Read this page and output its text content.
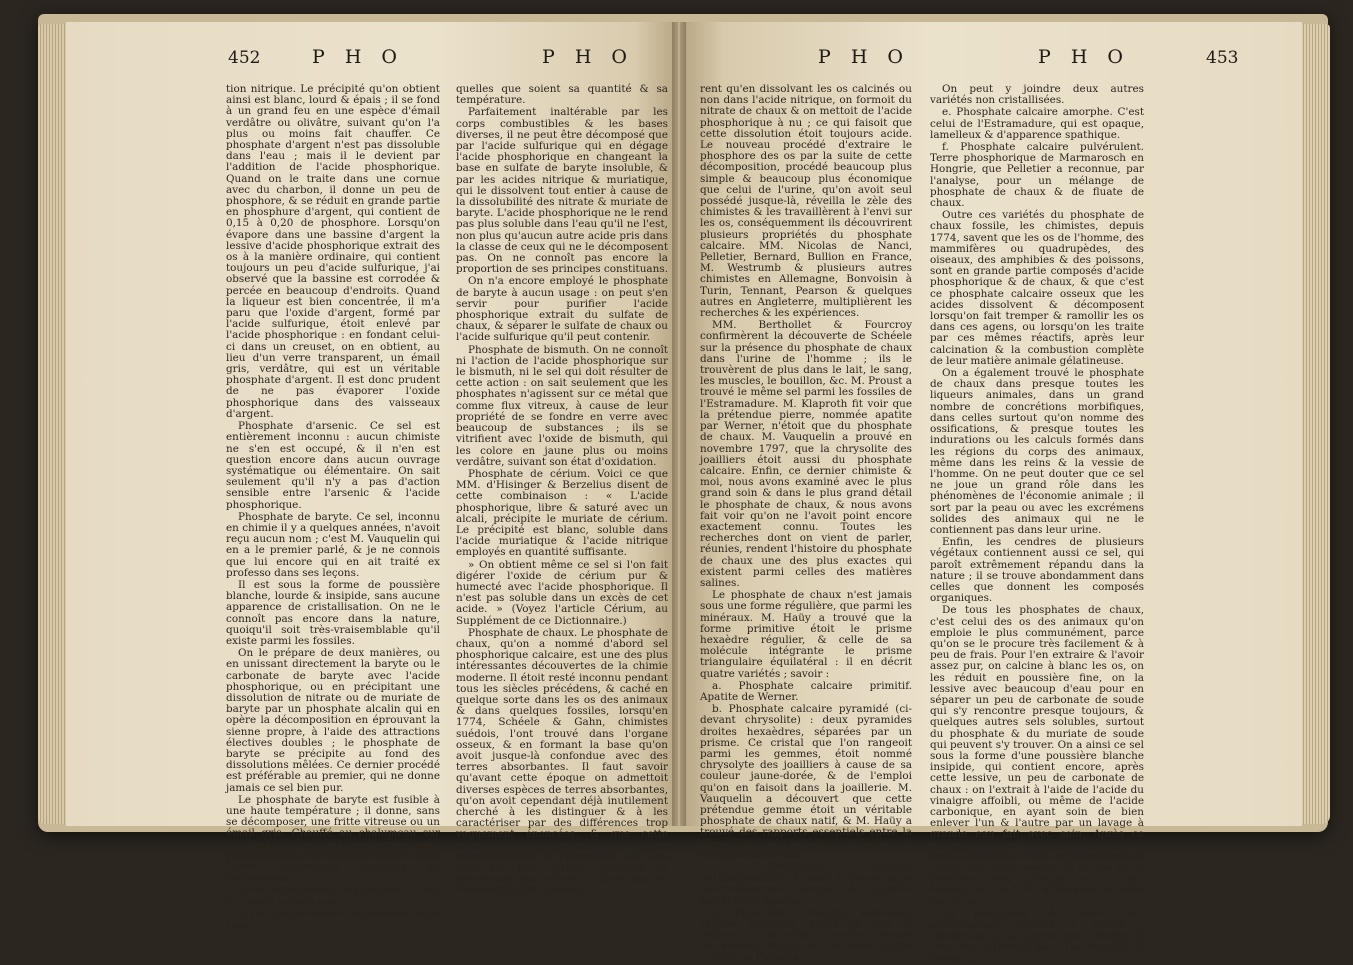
452	P H O	P H O	P H O	P H O	453

tion nitrique. Le précipité qu'on obtient ainsi est blanc, lourd & épais ; il se fond à un grand feu en une espèce d'émail verdâtre ou olivâtre, suivant qu'on l'a plus ou moins fait chauffer. Ce phosphate d'argent n'est pas dissoluble dans l'eau ; mais il le devient par l'addition de l'acide phosphorique. Quand on le traite dans une cornue avec du charbon, il donne un peu de phosphore, & se réduit en grande partie en phosphure d'argent, qui contient de 0,15 à 0,20 de phosphore. Lorsqu'on évapore dans une bassine d'argent la lessive d'acide phosphorique extrait des os à la manière ordinaire, qui contient toujours un peu d'acide sulfurique, j'ai observé que la bassine est corrodée & percée en beaucoup d'endroits. Quand la liqueur est bien concentrée, il m'a paru que l'oxide d'argent, formé par l'acide sulfurique, étoit enlevé par l'acide phosphorique : en fondant celui-ci dans un creuset, on en obtient, au lieu d'un verre transparent, un émail gris, verdâtre, qui est un véritable phosphate d'argent. Il est donc prudent de ne pas évaporer l'oxide phosphorique dans des vaisseaux d'argent.

Phosphate d'arsenic. Ce sel est entièrement inconnu : aucun chimiste ne s'en est occupé, & il n'en est question encore dans aucun ouvrage systématique ou élémentaire. On sait seulement qu'il n'y a pas d'action sensible entre l'arsenic & l'acide phosphorique.

Phosphate de baryte. Ce sel, inconnu en chimie il y a quelques années, n'avoit reçu aucun nom ; c'est M. Vauquelin qui en a le premier parlé, & je ne connois que lui encore qui en ait traité ex professo dans ses leçons.

Il est sous la forme de poussière blanche, lourde & insipide, sans aucune apparence de cristallisation. On ne le connoît pas encore dans la nature, quoiqu'il soit très-vraisemblable qu'il existe parmi les fossiles.

On le prépare de deux manières, ou en unissant directement la baryte ou le carbonate de baryte avec l'acide phosphorique, ou en précipitant une dissolution de nitrate ou de muriate de baryte par un phosphate alcalin qui en opère la décomposition en éprouvant la sienne propre, à l'aide des attractions électives doubles ; le phosphate de baryte se précipite au fond des dissolutions mêlées. Ce dernier procédé est préférable au premier, qui ne donne jamais ce sel bien pur.

Le phosphate de baryte est fusible à une haute température ; il donne, sans se décomposer, une fritte vitreuse ou un émail gris. Chauffé au chalumeau sur du charbon, il répand une flamme jaune phosphorique. Les globules vitreux qu'il forme, deviennent opaques en refroidissant.

Il est entièrement inaltérable à l'air, & y reste pulvérulent.

Il est complétement indissoluble dans l'eau,

quelles que soient sa quantité & sa température.

Parfaitement inaltérable par les corps combustibles & les bases diverses, il ne peut être décomposé que par l'acide sulfurique qui en dégage l'acide phosphorique en changeant la base en sulfate de baryte insoluble, & par les acides nitrique & muriatique, qui le dissolvent tout entier à cause de la dissolubilité des nitrate & muriate de baryte. L'acide phosphorique ne le rend pas plus soluble dans l'eau qu'il ne l'est, non plus qu'aucun autre acide pris dans la classe de ceux qui ne le décomposent pas. On ne connoît pas encore la proportion de ses principes constituans.

On n'a encore employé le phosphate de baryte à aucun usage : on peut s'en servir pour purifier l'acide phosphorique extrait du sulfate de chaux, & séparer le sulfate de chaux ou l'acide sulfurique qu'il peut contenir.

Phosphate de bismuth. On ne connoît ni l'action de l'acide phosphorique sur le bismuth, ni le sel qui doit résulter de cette action : on sait seulement que les phosphates n'agissent sur ce métal que comme flux vitreux, à cause de leur propriété de se fondre en verre avec beaucoup de substances ; ils se vitrifient avec l'oxide de bismuth, qui les colore en jaune plus ou moins verdâtre, suivant son état d'oxidation.

Phosphate de cérium. Voici ce que MM. d'Hisinger & Berzelius disent de cette combinaison : « L'acide phosphorique, libre & saturé avec un alcali, précipite le muriate de cérium. Le précipité est blanc, soluble dans l'acide muriatique & l'acide nitrique employés en quantité suffisante.

» On obtient même ce sel si l'on fait digérer l'oxide de cérium pur & humecté avec l'acide phosphorique. Il n'est pas soluble dans un excès de cet acide. » (Voyez l'article Cérium, au Supplément de ce Dictionnaire.)

Phosphate de chaux. Le phosphate de chaux, qu'on a nommé d'abord sel phosphorique calcaire, est une des plus intéressantes découvertes de la chimie moderne. Il étoit resté inconnu pendant tous les siècles précédens, & caché en quelque sorte dans les os des animaux & dans quelques fossiles, lorsqu'en 1774, Schéele & Gahn, chimistes suédois, l'ont trouvé dans l'organe osseux, & en formant la base qu'on avoit jusque-là confondue avec des terres absorbantes. Il faut savoir qu'avant cette époque on admettoit diverses espèces de terres absorbantes, qu'on avoit cependant déjà inutilement cherché à les distinguer & à les caractériser par des différences trop vaguement énoncées, & que cette fausse dénomination tenoit manifestement à l'ignorance où l'on étoit sur leur nature comparée, & notamment sur celle de la terre des os. Schéele & Gahn prouvè-

rent qu'en dissolvant les os calcinés ou non dans l'acide nitrique, on formoit du nitrate de chaux & on mettoit de l'acide phosphorique à nu ; ce qui faisoit que cette dissolution étoit toujours acide. Le nouveau procédé d'extraire le phosphore des os par la suite de cette décomposition, procédé beaucoup plus simple & beaucoup plus économique que celui de l'urine, qu'on avoit seul possédé jusque-là, réveilla le zèle des chimistes & les travaillèrent à l'envi sur les os, conséquemment ils découvrirent plusieurs propriétés du phosphate calcaire. MM. Nicolas de Nanci, Pelletier, Bernard, Bullion en France, M. Westrumb & plusieurs autres chimistes en Allemagne, Bonvoisin à Turin, Tennant, Pearson & quelques autres en Angleterre, multiplièrent les recherches & les expériences.

MM. Berthollet & Fourcroy confirmèrent la découverte de Schéele sur la présence du phosphate de chaux dans l'urine de l'homme ; ils le trouvèrent de plus dans le lait, le sang, les muscles, le bouillon, &c. M. Proust a trouvé le même sel parmi les fossiles de l'Estramadure. M. Klaproth fit voir que la prétendue pierre, nommée apatite par Werner, n'étoit que du phosphate de chaux. M. Vauquelin a prouvé en novembre 1797, que la chrysolite des joailliers étoit aussi du phosphate calcaire. Enfin, ce dernier chimiste & moi, nous avons examiné avec le plus grand soin & dans le plus grand détail le phosphate de chaux, & nous avons fait voir qu'on ne l'avoit point encore exactement connu. Toutes les recherches dont on vient de parler, réunies, rendent l'histoire du phosphate de chaux une des plus exactes qui existent parmi celles des matières salines.

Le phosphate de chaux n'est jamais sous une forme régulière, que parmi les minéraux. M. Haüy a trouvé que la forme primitive étoit le prisme hexaèdre régulier, & celle de sa molécule intégrante le prisme triangulaire équilatéral : il en décrit quatre variétés ; savoir :

a. Phosphate calcaire primitif. Apatite de Werner.

b. Phosphate calcaire pyramidé (ci-devant chrysolite) : deux pyramides droites hexaèdres, séparées par un prisme. Ce cristal que l'on rangeoit parmi les gemmes, étoit nommé chrysolyte des joailliers à cause de sa couleur jaune-dorée, & de l'emploi qu'on en faisoit dans la joaillerie. M. Vauquelin a découvert que cette prétendue gemme étoit un véritable phosphate de chaux natif, & M. Haüy a trouvé des rapports essentiels entre la forme de la chrysolite & celle de l'apatite de Werner.

c. Phosphate calcaire péridodécaèdre. Prisme à douze pans alternativement larges & étroits. Variété de l'apatite.

d. Phosphate calcaire annulaire. Prisme hexaèdre, ayant de part & d'autre six facettes disposées comme un anneau autour de la base. Autre variété de l'apatite.

On peut y joindre deux autres variétés non cristallisées.

e. Phosphate calcaire amorphe. C'est celui de l'Estramadure, qui est opaque, lamelleux & d'apparence spathique.

f. Phosphate calcaire pulvérulent. Terre phosphorique de Marmarosch en Hongrie, que Pelletier a reconnue, par l'analyse, pour un mélange de phosphate de chaux & de fluate de chaux.

Outre ces variétés du phosphate de chaux fossile, les chimistes, depuis 1774, savent que les os de l'homme, des mammifères ou quadrupèdes, des oiseaux, des amphibies & des poissons, sont en grande partie composés d'acide phosphorique & de chaux, & que c'est ce phosphate calcaire osseux que les acides dissolvent & décomposent lorsqu'on fait tremper & ramollir les os dans ces agens, ou lorsqu'on les traite par ces mêmes réactifs, après leur calcination & la combustion complète de leur matière animale gélatineuse.

On a également trouvé le phosphate de chaux dans presque toutes les liqueurs animales, dans un grand nombre de concrétions morbifiques, dans celles surtout qu'on nomme des ossifications, & presque toutes les indurations ou les calculs formés dans les régions du corps des animaux, même dans les reins & la vessie de l'homme. On ne peut douter que ce sel ne joue un grand rôle dans les phénomènes de l'économie animale ; il sort par la peau ou avec les excrémens solides des animaux qui ne le contiennent pas dans leur urine.

Enfin, les cendres de plusieurs végétaux contiennent aussi ce sel, qui paroît extrêmement répandu dans la nature ; il se trouve abondamment dans celles que donnent les composés organiques.

De tous les phosphates de chaux, c'est celui des os des animaux qu'on emploie le plus communément, parce qu'on se le procure très facilement & à peu de frais. Pour l'en extraire & l'avoir assez pur, on calcine à blanc les os, on les réduit en poussière fine, on la lessive avec beaucoup d'eau pour en séparer un peu de carbonate de soude qui s'y rencontre presque toujours, & quelques autres sels solubles, surtout du phosphate & du muriate de soude qui peuvent s'y trouver. On a ainsi ce sel sous la forme d'une poussière blanche insipide, qui contient encore, après cette lessive, un peu de carbonate de chaux : on l'extrait à l'aide de l'acide du vinaigre affoibli, ou même de l'acide carbonique, en ayant soin de bien enlever l'un & l'autre par un lavage à grande eau fait avec soin. Après ce travail, la matière solide des os se trouve réduite à l'état de phosphate de chaux pur, sans saveur, & privée de la propriété, soit d'altérer les couleurs bleues, soit de faire effervescence avec les acides.

Le phosphate de chaux est extrêmement difficile à fondre ; cependant à un grand feu, comme à celui des verreries, &c., il se ramollit, & prend la
